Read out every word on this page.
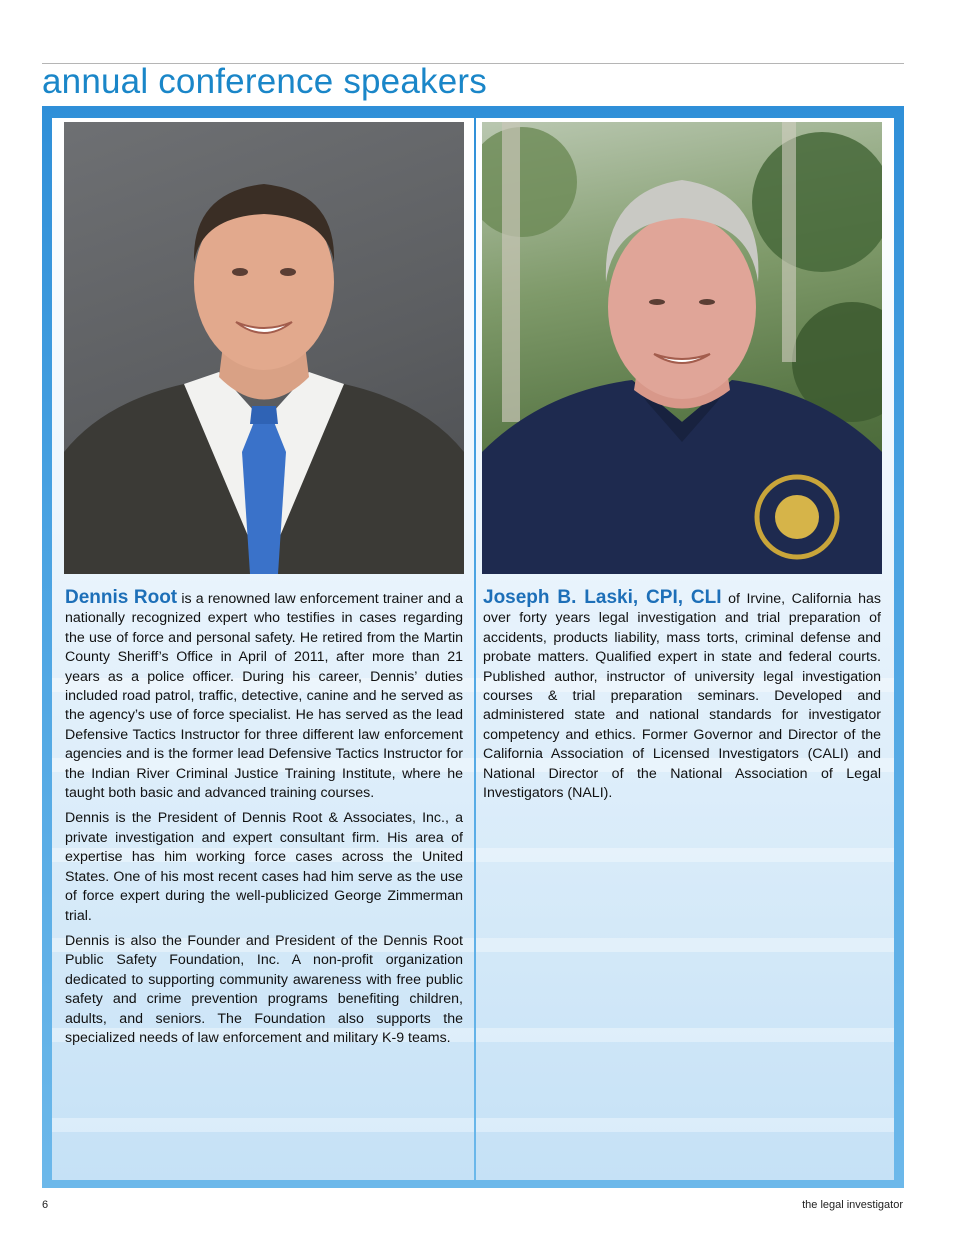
annual conference speakers

Dennis Root is a renowned law enforcement trainer and a nationally recognized expert who testifies in cases regarding the use of force and personal safety. He retired from the Martin County Sheriff’s Office in April of 2011, after more than 21 years as a police officer. During his career, Dennis’ duties included road patrol, traffic, detective, canine and he served as the agency’s use of force specialist. He has served as the lead Defensive Tactics Instructor for three different law enforcement agencies and is the former lead Defensive Tactics Instructor for the Indian River Criminal Justice Training Institute, where he taught both basic and advanced training courses.

Dennis is the President of Dennis Root & Associates, Inc., a private investigation and expert consultant firm. His area of expertise has him working force cases across the United States. One of his most recent cases had him serve as the use of force expert during the well-publicized George Zimmerman trial.

Dennis is also the Founder and President of the Dennis Root Public Safety Foundation, Inc. A non-profit organization dedicated to supporting community awareness with free public safety and crime prevention programs benefiting children, adults, and seniors. The Foundation also supports the specialized needs of law enforcement and military K-9 teams.

Joseph B. Laski, CPI, CLI of Irvine, California has over forty years legal investigation and trial preparation of accidents, products liability, mass torts, criminal defense and probate matters. Qualified expert in state and federal courts. Published author, instructor of university legal investigation courses & trial preparation seminars. Developed and administered state and national standards for investigator competency and ethics. Former Governor and Director of the California Association of Licensed Investigators (CALI) and National Director of the National Association of Legal Investigators (NALI).

6	the legal investigator
